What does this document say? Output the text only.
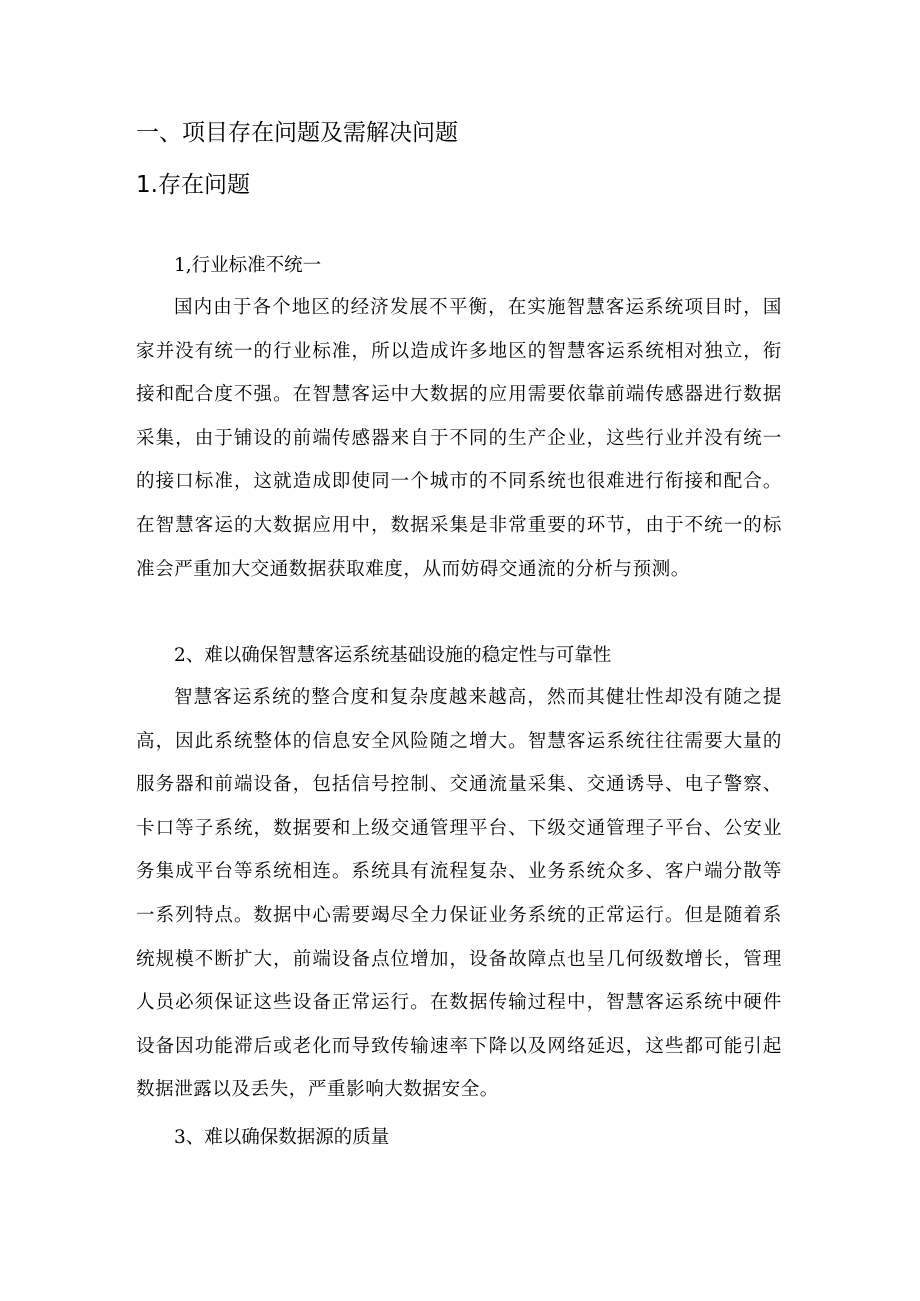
一、项目存在问题及需解决问题
1.存在问题
1,行业标准不统一

国内由于各个地区的经济发展不平衡，在实施智慧客运系统项目时，国家并没有统一的行业标准，所以造成许多地区的智慧客运系统相对独立，衔接和配合度不强。在智慧客运中大数据的应用需要依靠前端传感器进行数据采集，由于铺设的前端传感器来自于不同的生产企业，这些行业并没有统一的接口标准，这就造成即使同一个城市的不同系统也很难进行衔接和配合。在智慧客运的大数据应用中，数据采集是非常重要的环节，由于不统一的标准会严重加大交通数据获取难度，从而妨碍交通流的分析与预测。

2、难以确保智慧客运系统基础设施的稳定性与可靠性

智慧客运系统的整合度和复杂度越来越高，然而其健壮性却没有随之提高，因此系统整体的信息安全风险随之增大。智慧客运系统往往需要大量的服务器和前端设备，包括信号控制、交通流量采集、交通诱导、电子警察、卡口等子系统，数据要和上级交通管理平台、下级交通管理子平台、公安业务集成平台等系统相连。系统具有流程复杂、业务系统众多、客户端分散等一系列特点。数据中心需要竭尽全力保证业务系统的正常运行。但是随着系统规模不断扩大，前端设备点位增加，设备故障点也呈几何级数增长，管理人员必须保证这些设备正常运行。在数据传输过程中，智慧客运系统中硬件设备因功能滞后或老化而导致传输速率下降以及网络延迟，这些都可能引起数据泄露以及丢失，严重影响大数据安全。

3、难以确保数据源的质量
